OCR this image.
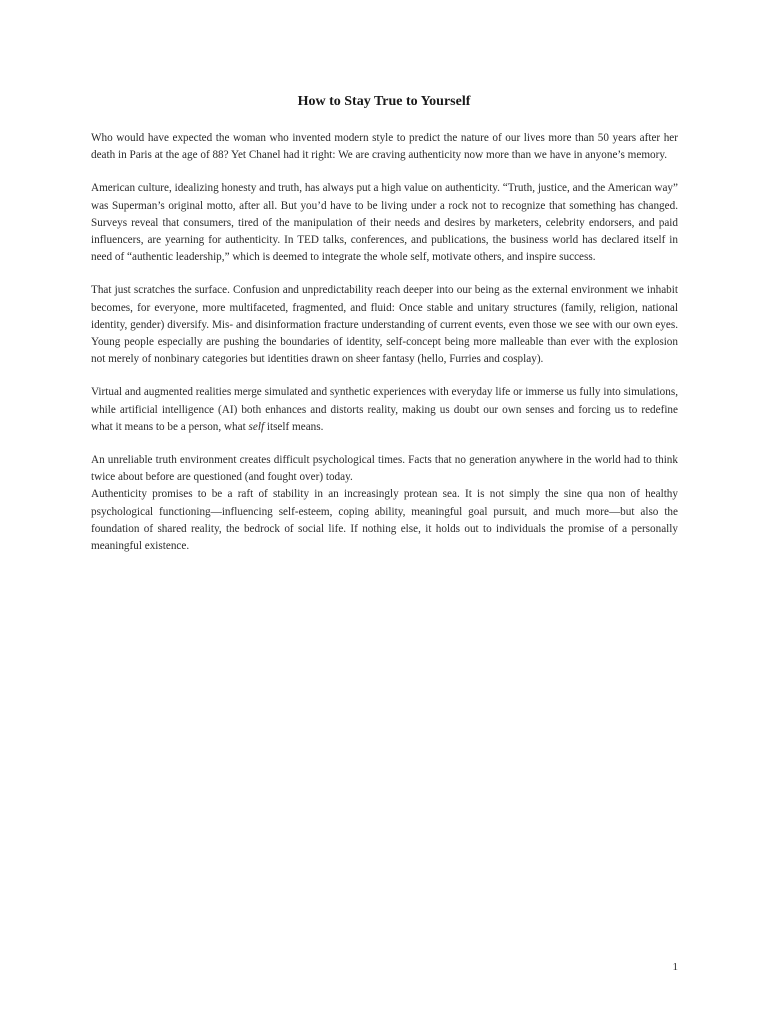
How to Stay True to Yourself

Who would have expected the woman who invented modern style to predict the nature of our lives more than 50 years after her death in Paris at the age of 88? Yet Chanel had it right: We are craving authenticity now more than we have in anyone’s memory.

American culture, idealizing honesty and truth, has always put a high value on authenticity. “Truth, justice, and the American way” was Superman’s original motto, after all. But you’d have to be living under a rock not to recognize that something has changed. Surveys reveal that consumers, tired of the manipulation of their needs and desires by marketers, celebrity endorsers, and paid influencers, are yearning for authenticity. In TED talks, conferences, and publications, the business world has declared itself in need of “authentic leadership,” which is deemed to integrate the whole self, motivate others, and inspire success.

That just scratches the surface. Confusion and unpredictability reach deeper into our being as the external environment we inhabit becomes, for everyone, more multifaceted, fragmented, and fluid: Once stable and unitary structures (family, religion, national identity, gender) diversify. Mis- and disinformation fracture understanding of current events, even those we see with our own eyes. Young people especially are pushing the boundaries of identity, self-concept being more malleable than ever with the explosion not merely of nonbinary categories but identities drawn on sheer fantasy (hello, Furries and cosplay).

Virtual and augmented realities merge simulated and synthetic experiences with everyday life or immerse us fully into simulations, while artificial intelligence (AI) both enhances and distorts reality, making us doubt our own senses and forcing us to redefine what it means to be a person, what self itself means.

An unreliable truth environment creates difficult psychological times. Facts that no generation anywhere in the world had to think twice about before are questioned (and fought over) today.

Authenticity promises to be a raft of stability in an increasingly protean sea. It is not simply the sine qua non of healthy psychological functioning—influencing self-esteem, coping ability, meaningful goal pursuit, and much more—but also the foundation of shared reality, the bedrock of social life. If nothing else, it holds out to individuals the promise of a personally meaningful existence.

1
